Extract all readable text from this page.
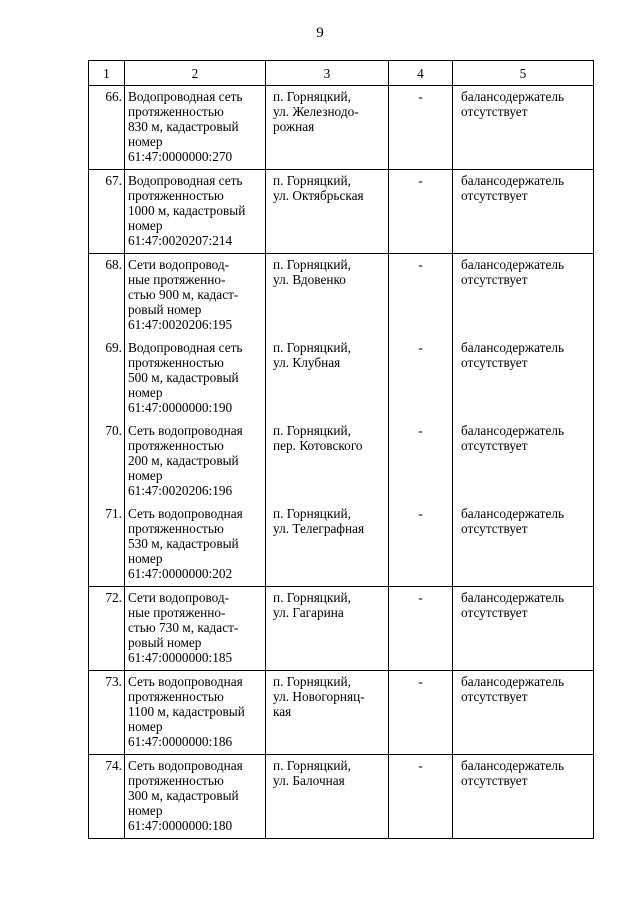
9
1	2	3	4	5
66.	Водопроводная сеть
протяженностью
830 м, кадастровый
номер
61:47:0000000:270	п. Горняцкий,
ул. Железнодо-
рожная	-	балансодержатель
отсутствует
67.	Водопроводная сеть
протяженностью
1000 м, кадастровый
номер
61:47:0020207:214	п. Горняцкий,
ул. Октябрьская	-	балансодержатель
отсутствует
68.	Сети водопровод-
ные протяженно-
стью 900 м, кадаст-
ровый номер
61:47:0020206:195	п. Горняцкий,
ул. Вдовенко	-	балансодержатель
отсутствует
69.	Водопроводная сеть
протяженностью
500 м, кадастровый
номер
61:47:0000000:190	п. Горняцкий,
ул. Клубная	-	балансодержатель
отсутствует
70.	Сеть водопроводная
протяженностью
200 м, кадастровый
номер
61:47:0020206:196	п. Горняцкий,
пер. Котовского	-	балансодержатель
отсутствует
71.	Сеть водопроводная
протяженностью
530 м, кадастровый
номер
61:47:0000000:202	п. Горняцкий,
ул. Телеграфная	-	балансодержатель
отсутствует
72.	Сети водопровод-
ные протяженно-
стью 730 м, кадаст-
ровый номер
61:47:0000000:185	п. Горняцкий,
ул. Гагарина	-	балансодержатель
отсутствует
73.	Сеть водопроводная
протяженностью
1100 м, кадастровый
номер
61:47:0000000:186	п. Горняцкий,
ул. Новогорняц-
кая	-	балансодержатель
отсутствует
74.	Сеть водопроводная
протяженностью
300 м, кадастровый
номер
61:47:0000000:180	п. Горняцкий,
ул. Балочная	-	балансодержатель
отсутствует
